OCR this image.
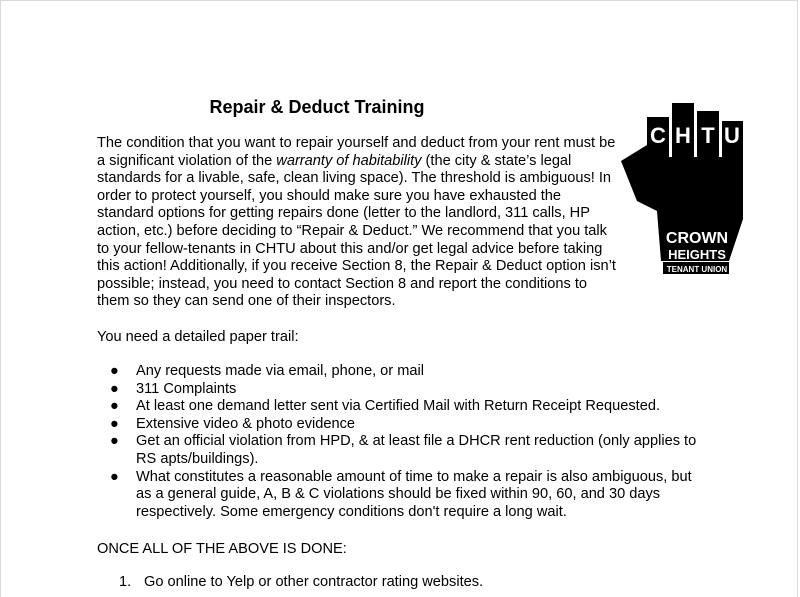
Repair & Deduct Training

The condition that you want to repair yourself and deduct from your rent must be a significant violation of the warranty of habitability (the city & state’s legal standards for a livable, safe, clean living space). The threshold is ambiguous! In order to protect yourself, you should make sure you have exhausted the standard options for getting repairs done (letter to the landlord, 311 calls, HP action, etc.) before deciding to “Repair & Deduct.” We recommend that you talk to your fellow-tenants in CHTU about this and/or get legal advice before taking this action! Additionally, if you receive Section 8, the Repair & Deduct option isn’t possible; instead, you need to contact Section 8 and report the conditions to them so they can send one of their inspectors.

C H T U
CROWN
HEIGHTS
TENANT UNION

You need a detailed paper trail:

● Any requests made via email, phone, or mail
● 311 Complaints
● At least one demand letter sent via Certified Mail with Return Receipt Requested.
● Extensive video & photo evidence
● Get an official violation from HPD, & at least file a DHCR rent reduction (only applies to RS apts/buildings).
● What constitutes a reasonable amount of time to make a repair is also ambiguous, but as a general guide, A, B & C violations should be fixed within 90, 60, and 30 days respectively. Some emergency conditions don't require a long wait.

ONCE ALL OF THE ABOVE IS DONE:

1. Go online to Yelp or other contractor rating websites.
